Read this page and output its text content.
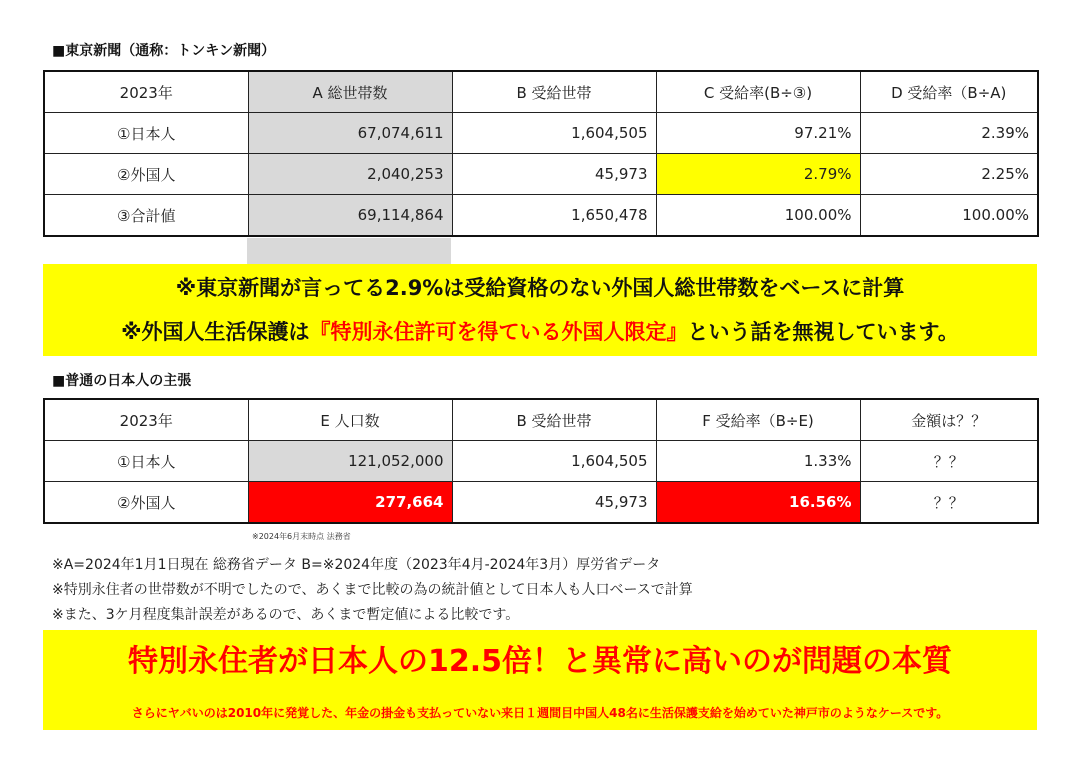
■東京新聞（通称：トンキン新聞）
2023年	A 総世帯数	B 受給世帯	C 受給率(B÷③)	D 受給率（B÷A)
①日本人	67,074,611	1,604,505	97.21%	2.39%
②外国人	2,040,253	45,973	2.79%	2.25%
③合計値	69,114,864	1,650,478	100.00%	100.00%
※東京新聞が言ってる2.9%は受給資格のない外国人総世帯数をベースに計算
※外国人生活保護は『特別永住許可を得ている外国人限定』という話を無視しています。
■普通の日本人の主張
2023年	E 人口数	B 受給世帯	F 受給率（B÷E)	金額は？？
①日本人	121,052,000	1,604,505	1.33%	？？
②外国人	277,664	45,973	16.56%	？？
※2024年6月末時点 法務省
※A=2024年1月1日現在 総務省データ B=※2024年度（2023年4月-2024年3月）厚労省データ
※特別永住者の世帯数が不明でしたので、あくまで比較の為の統計値として日本人も人口ベースで計算
※また、3ケ月程度集計誤差があるので、あくまで暫定値による比較です。
特別永住者が日本人の12.5倍！と異常に高いのが問題の本質
さらにヤバいのは2010年に発覚した、年金の掛金も支払っていない来日１週間目中国人48名に生活保護支給を始めていた神戸市のようなケースです。
